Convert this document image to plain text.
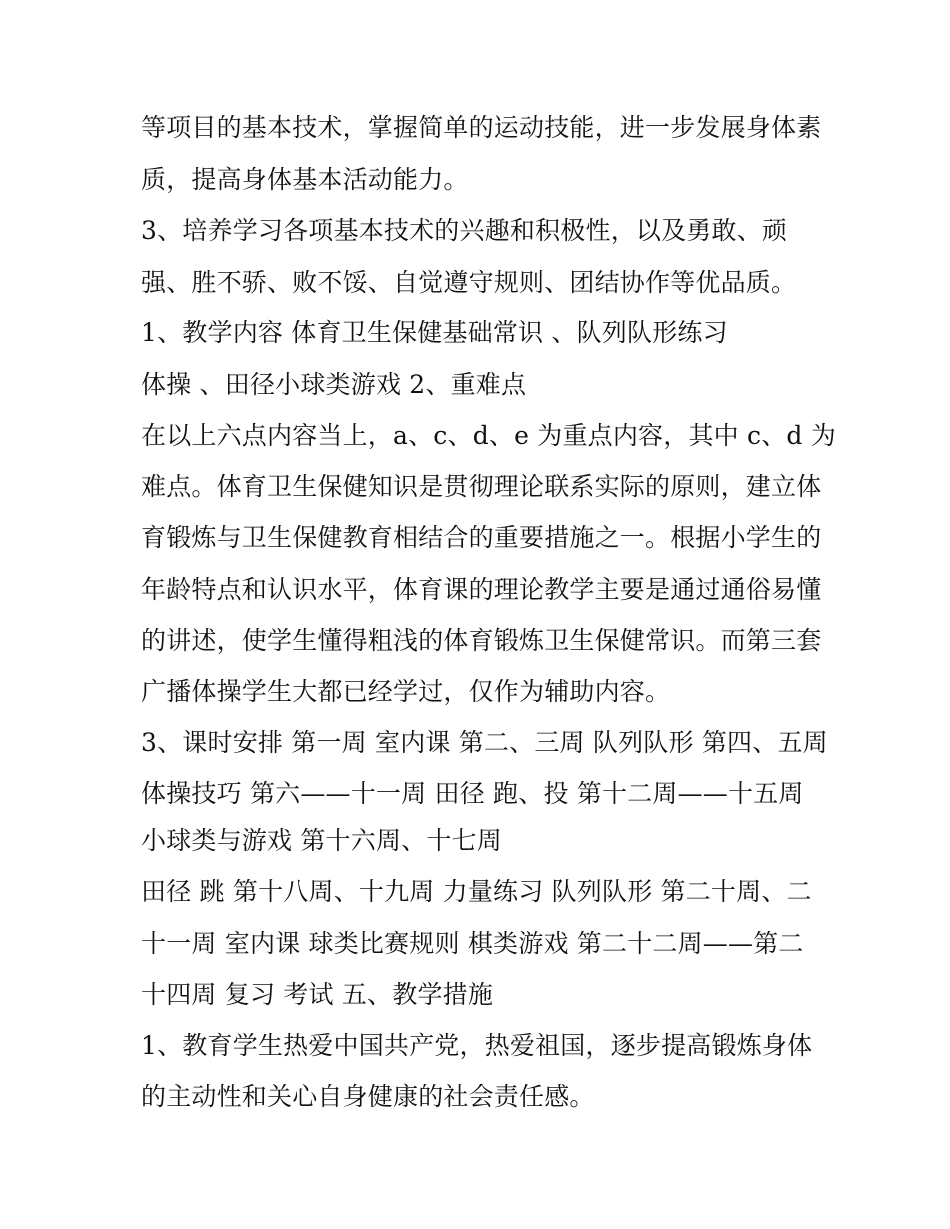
等项目的基本技术，掌握简单的运动技能，进一步发展身体素

质，提高身体基本活动能力。

3、培养学习各项基本技术的兴趣和积极性，以及勇敢、顽

强、胜不骄、败不馁、自觉遵守规则、团结协作等优品质。

1、教学内容 体育卫生保健基础常识 、队列队形练习

体操 、田径小球类游戏 2、重难点

在以上六点内容当上，a、c、d、e 为重点内容，其中 c、d 为

难点。体育卫生保健知识是贯彻理论联系实际的原则，建立体

育锻炼与卫生保健教育相结合的重要措施之一。根据小学生的

年龄特点和认识水平，体育课的理论教学主要是通过通俗易懂

的讲述，使学生懂得粗浅的体育锻炼卫生保健常识。而第三套

广播体操学生大都已经学过，仅作为辅助内容。

3、课时安排 第一周 室内课 第二、三周 队列队形 第四、五周

体操技巧 第六——十一周 田径 跑、投 第十二周——十五周

小球类与游戏 第十六周、十七周

田径 跳 第十八周、十九周 力量练习 队列队形 第二十周、二

十一周 室内课 球类比赛规则 棋类游戏 第二十二周——第二

十四周 复习 考试 五、教学措施

1、教育学生热爱中国共产党，热爱祖国，逐步提高锻炼身体

的主动性和关心自身健康的社会责任感。
